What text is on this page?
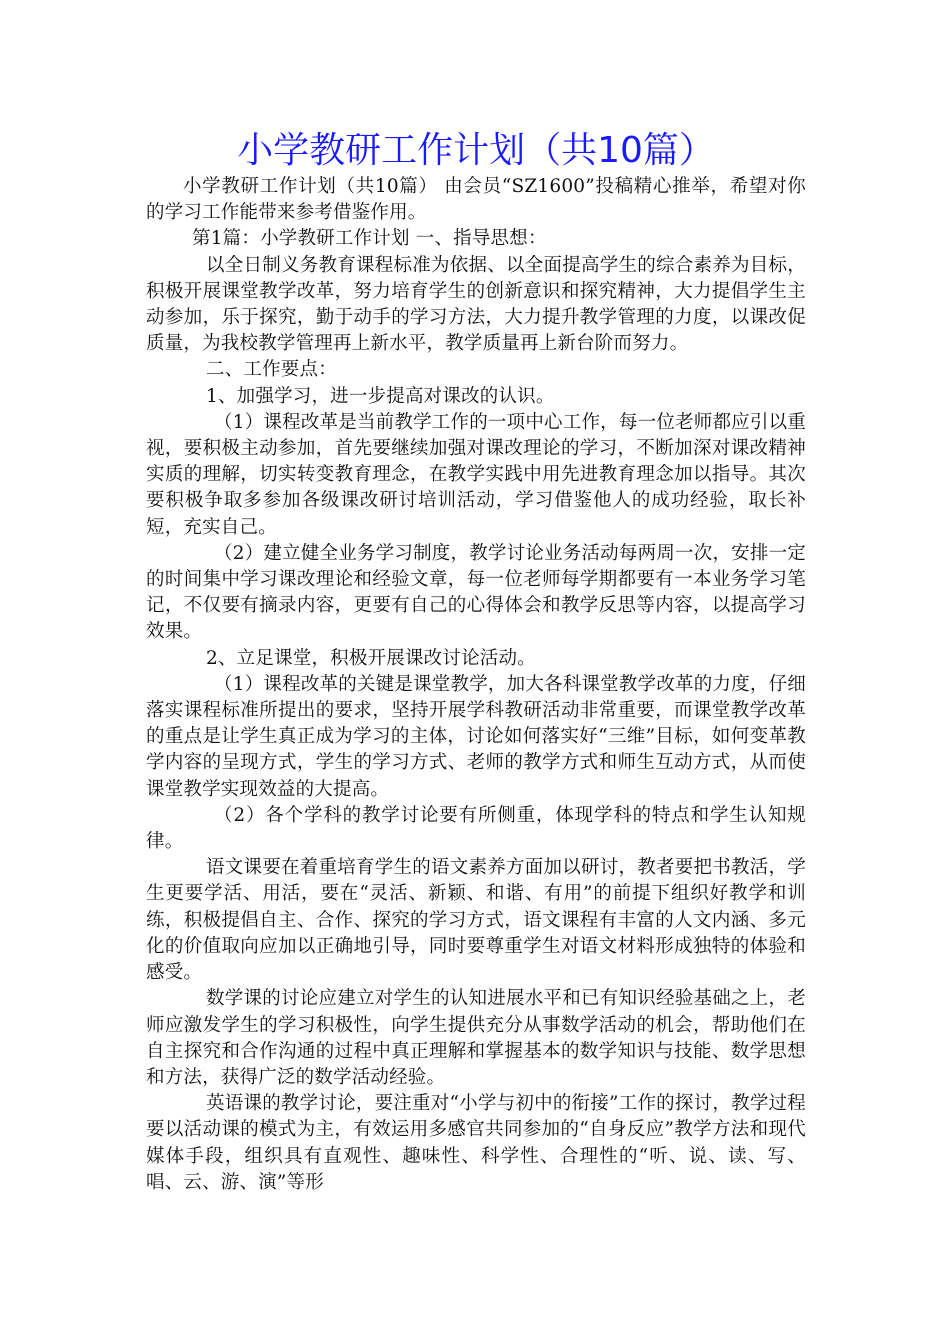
小学教研工作计划（共10篇）

小学教研工作计划（共10篇） 由会员“SZ1600”投稿精心推举，希望对你的学习工作能带来参考借鉴作用。

第1篇：小学教研工作计划 一、指导思想：

以全日制义务教育课程标准为依据、以全面提高学生的综合素养为目标，积极开展课堂教学改革，努力培育学生的创新意识和探究精神，大力提倡学生主动参加，乐于探究，勤于动手的学习方法，大力提升教学管理的力度，以课改促质量，为我校教学管理再上新水平，教学质量再上新台阶而努力。

二、工作要点：

1、加强学习，进一步提高对课改的认识。

（1）课程改革是当前教学工作的一项中心工作，每一位老师都应引以重视，要积极主动参加，首先要继续加强对课改理论的学习，不断加深对课改精神实质的理解，切实转变教育理念，在教学实践中用先进教育理念加以指导。其次要积极争取多参加各级课改研讨培训活动，学习借鉴他人的成功经验，取长补短，充实自己。

（2）建立健全业务学习制度，教学讨论业务活动每两周一次，安排一定的时间集中学习课改理论和经验文章，每一位老师每学期都要有一本业务学习笔记，不仅要有摘录内容，更要有自己的心得体会和教学反思等内容，以提高学习效果。

2、立足课堂，积极开展课改讨论活动。

（1）课程改革的关键是课堂教学，加大各科课堂教学改革的力度，仔细落实课程标准所提出的要求，坚持开展学科教研活动非常重要，而课堂教学改革的重点是让学生真正成为学习的主体，讨论如何落实好“三维”目标，如何变革教学内容的呈现方式，学生的学习方式、老师的教学方式和师生互动方式，从而使课堂教学实现效益的大提高。

（2）各个学科的教学讨论要有所侧重，体现学科的特点和学生认知规律。

语文课要在着重培育学生的语文素养方面加以研讨，教者要把书教活，学生更要学活、用活，要在“灵活、新颖、和谐、有用”的前提下组织好教学和训练，积极提倡自主、合作、探究的学习方式，语文课程有丰富的人文内涵、多元化的价值取向应加以正确地引导，同时要尊重学生对语文材料形成独特的体验和感受。

数学课的讨论应建立对学生的认知进展水平和已有知识经验基础之上，老师应激发学生的学习积极性，向学生提供充分从事数学活动的机会，帮助他们在自主探究和合作沟通的过程中真正理解和掌握基本的数学知识与技能、数学思想和方法，获得广泛的数学活动经验。

英语课的教学讨论，要注重对“小学与初中的衔接”工作的探讨，教学过程要以活动课的模式为主，有效运用多感官共同参加的“自身反应”教学方法和现代媒体手段，组织具有直观性、趣味性、科学性、合理性的“听、说、读、写、唱、云、游、演”等形
